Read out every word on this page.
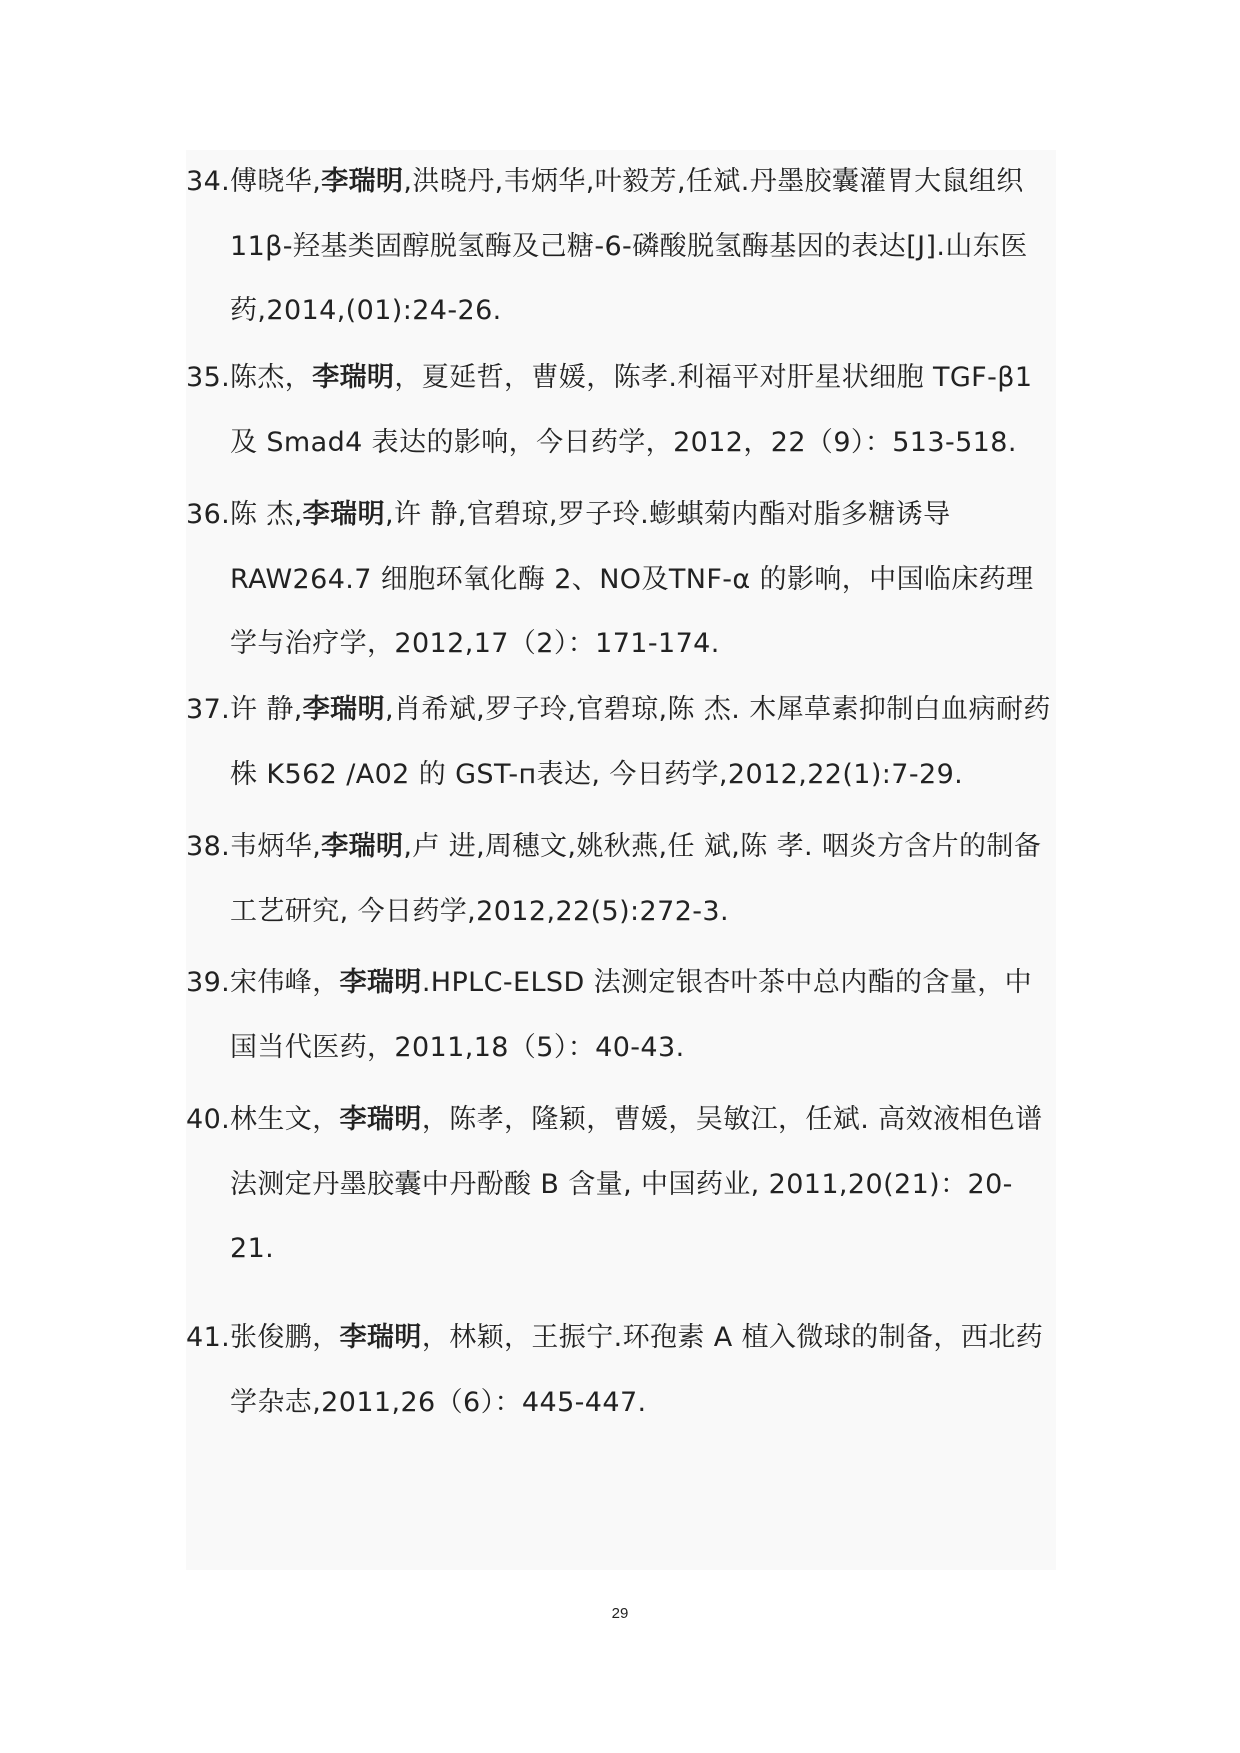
34. 傅晓华,李瑞明,洪晓丹,韦炳华,叶毅芳,任斌.丹墨胶囊灌胃大鼠组织 11β-羟基类固醇脱氢酶及己糖-6-磷酸脱氢酶基因的表达[J].山东医药,2014,(01):24-26.
35. 陈杰，李瑞明，夏延哲，曹媛，陈孝.利福平对肝星状细胞 TGF-β1 及 Smad4 表达的影响，今日药学，2012，22（9）：513-518.
36. 陈 杰,李瑞明,许 静,官碧琼,罗子玲.蟛蜞菊内酯对脂多糖诱导 RAW264.7 细胞环氧化酶 2、NO及TNF-α 的影响，中国临床药理学与治疗学，2012,17（2）：171-174.
37. 许 静,李瑞明,肖希斌,罗子玲,官碧琼,陈 杰. 木犀草素抑制白血病耐药株 K562 /A02 的 GST-п表达, 今日药学,2012,22(1):7-29.
38. 韦炳华,李瑞明,卢 进,周穗文,姚秋燕,任 斌,陈 孝. 咽炎方含片的制备工艺研究, 今日药学,2012,22(5):272-3.
39. 宋伟峰，李瑞明.HPLC-ELSD 法测定银杏叶茶中总内酯的含量，中国当代医药，2011,18（5）：40-43.
40. 林生文，李瑞明，陈孝，隆颖，曹媛，吴敏江，任斌. 高效液相色谱法测定丹墨胶囊中丹酚酸 B 含量, 中国药业, 2011,20(21)：20-21.
41. 张俊鹏，李瑞明，林颖，王振宁.环孢素 A 植入微球的制备，西北药学杂志,2011,26（6）：445-447.
29
